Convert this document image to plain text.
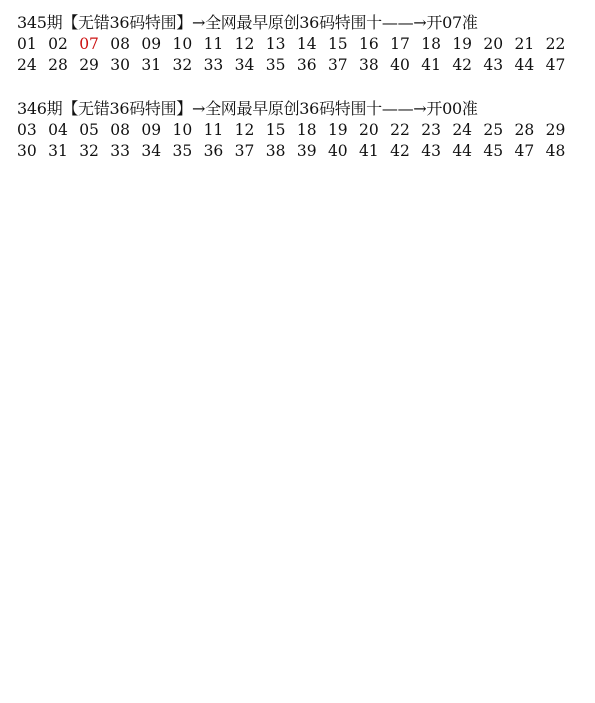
345期【无错36码特围】→全网最早原创36码特围十——→开07准
01 02 07 08 09 10 11 12 13 14 15 16 17 18 19 20 21 22
24 28 29 30 31 32 33 34 35 36 37 38 40 41 42 43 44 47
346期【无错36码特围】→全网最早原创36码特围十——→开00准
03 04 05 08 09 10 11 12 15 18 19 20 22 23 24 25 28 29
30 31 32 33 34 35 36 37 38 39 40 41 42 43 44 45 47 48
